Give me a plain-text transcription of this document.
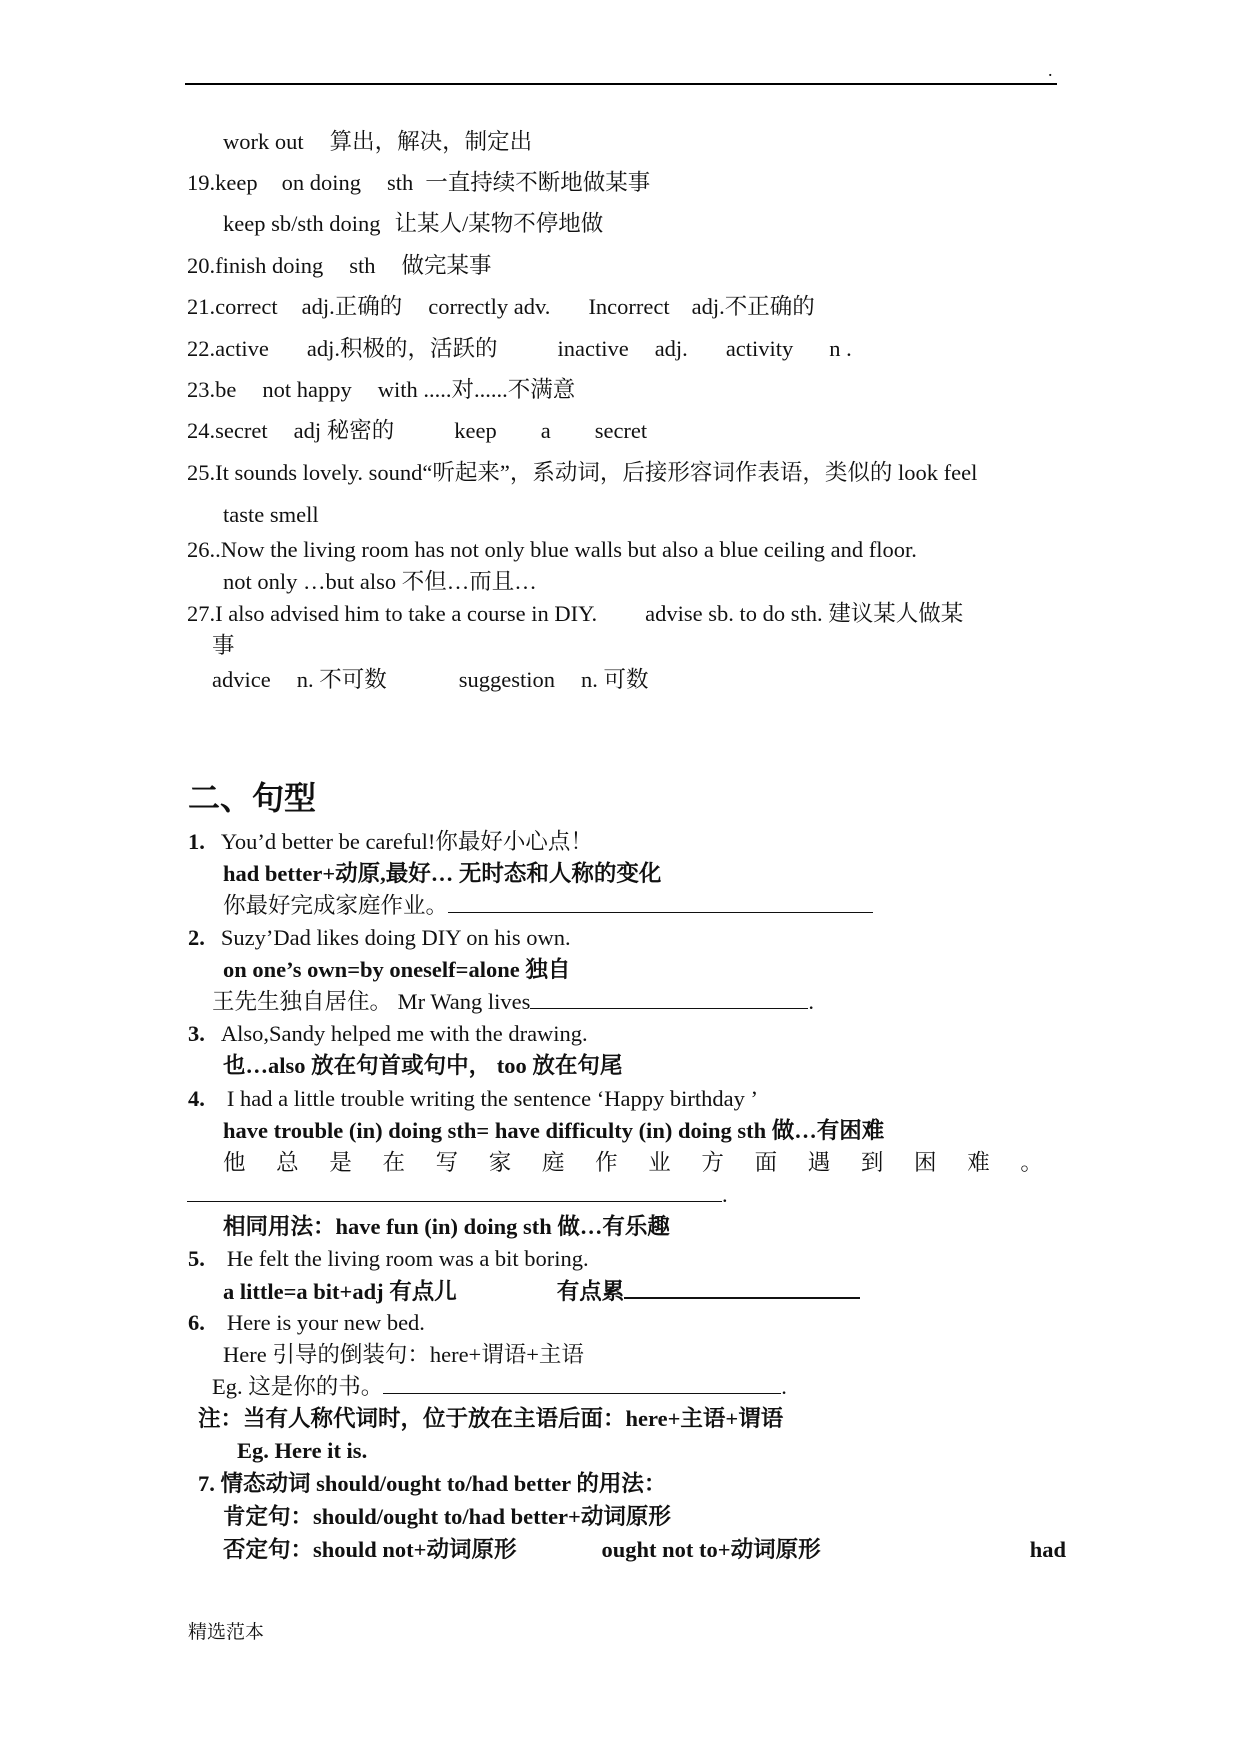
.
work out 算出，解决，制定出
19.keep on doing sth 一直持续不断地做某事
keep sb/sth doing 让某人/某物不停地做
20.finish doing sth 做完某事
21.correct adj.正确的 correctly adv. Incorrect adj.不正确的
22.active adj.积极的，活跃的	inactive adj. activity n .
23.be not happy with .....对......不满意
24.secret adj 秘密的	keep a secret
25.It sounds lovely. sound“听起来”，系动词，后接形容词作表语，类似的 look feel
taste smell
26..Now the living room has not only blue walls but also a blue ceiling and floor.
not only …but also 不但…而且…
27.I also advised him to take a course in DIY. advise sb. to do sth. 建议某人做某
事
advice n. 不可数	suggestion n. 可数
二、句型
1. You’d better be careful!你最好小心点！
had better+动原,最好… 无时态和人称的变化
你最好完成家庭作业。
2. Suzy’Dad likes doing DIY on his own.
on one’s own=by oneself=alone 独自
王先生独自居住。 Mr Wang lives	.
3. Also,Sandy helped me with the drawing.
也…also 放在句首或句中， too 放在句尾
4. I had a little trouble writing the sentence ‘Happy birthday ’
have trouble (in) doing sth= have difficulty (in) doing sth 做…有困难
他 总 是 在 写 家 庭 作 业 方 面 遇 到 困 难 。
.
相同用法：have fun (in) doing sth 做…有乐趣
5. He felt the living room was a bit boring.
a little=a bit+adj 有点儿	有点累
6. Here is your new bed.
Here 引导的倒装句：here+谓语+主语
Eg. 这是你的书。	.
注：当有人称代词时，位于放在主语后面：here+主语+谓语
Eg. Here it is.
7. 情态动词 should/ought to/had better 的用法：
肯定句：should/ought to/had better+动词原形
否定句：should not+动词原形	ought not to+动词原形	had
精选范本
